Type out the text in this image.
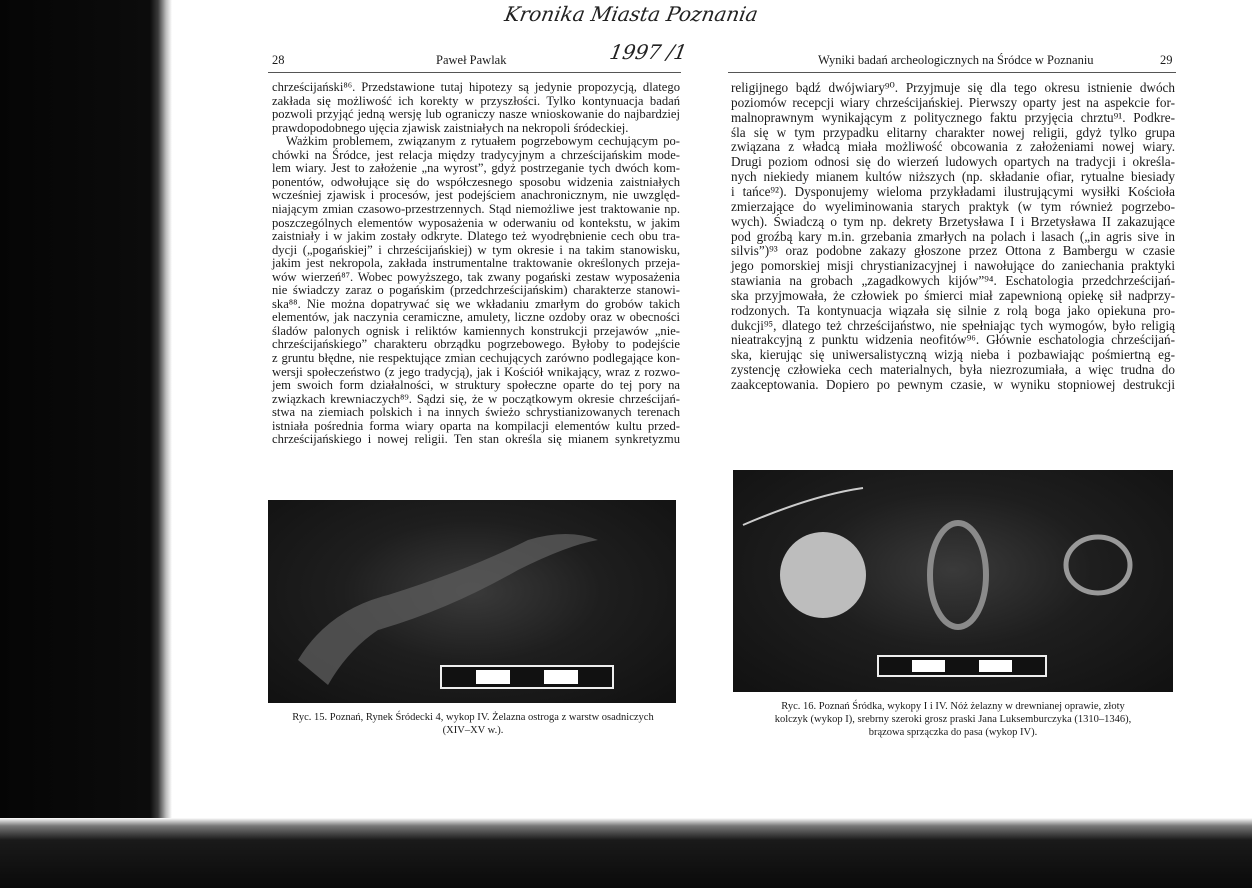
Kronika Miasta Poznania
1997 /1
28	Paweł Pawlak	Wyniki badań archeologicznych na Śródce w Poznaniu	29
chrześcijański⁸⁶. Przedstawione tutaj hipotezy są jedynie propozycją, dlatego
zakłada się możliwość ich korekty w przyszłości. Tylko kontynuacja badań
pozwoli przyjąć jedną wersję lub ograniczy nasze wnioskowanie do najbardziej
prawdopodobnego ujęcia zjawisk zaistniałych na nekropoli śródeckiej.
Ważkim problemem, związanym z rytuałem pogrzebowym cechującym po-
chówki na Śródce, jest relacja między tradycyjnym a chrześcijańskim mode-
lem wiary. Jest to założenie „na wyrost”, gdyż postrzeganie tych dwóch kom-
ponentów, odwołujące się do współczesnego sposobu widzenia zaistniałych
wcześniej zjawisk i procesów, jest podejściem anachronicznym, nie uwzględ-
niającym zmian czasowo-przestrzennych. Stąd niemożliwe jest traktowanie np.
poszczególnych elementów wyposażenia w oderwaniu od kontekstu, w jakim
zaistniały i w jakim zostały odkryte. Dlatego też wyodrębnienie cech obu tra-
dycji („pogańskiej” i chrześcijańskiej) w tym okresie i na takim stanowisku,
jakim jest nekropola, zakłada instrumentalne traktowanie określonych przeja-
wów wierzeń⁸⁷. Wobec powyższego, tak zwany pogański zestaw wyposażenia
nie świadczy zaraz o pogańskim (przedchrześcijańskim) charakterze stanowi-
ska⁸⁸. Nie można dopatrywać się we wkładaniu zmarłym do grobów takich
elementów, jak naczynia ceramiczne, amulety, liczne ozdoby oraz w obecności
śladów palonych ognisk i reliktów kamiennych konstrukcji przejawów „nie-
chrześcijańskiego” charakteru obrządku pogrzebowego. Byłoby to podejście
z gruntu błędne, nie respektujące zmian cechujących zarówno podlegające kon-
wersji społeczeństwo (z jego tradycją), jak i Kościół wnikający, wraz z rozwo-
jem swoich form działalności, w struktury społeczne oparte do tej pory na
związkach krewniaczych⁸⁹. Sądzi się, że w początkowym okresie chrześcijań-
stwa na ziemiach polskich i na innych świeżo schrystianizowanych terenach
istniała pośrednia forma wiary oparta na kompilacji elementów kultu przed-
chrześcijańskiego i nowej religii. Ten stan określa się mianem synkretyzmu
religijnego bądź dwójwiary⁹⁰. Przyjmuje się dla tego okresu istnienie dwóch
poziomów recepcji wiary chrześcijańskiej. Pierwszy oparty jest na aspekcie for-
malnoprawnym wynikającym z politycznego faktu przyjęcia chrztu⁹¹. Podkre-
śla się w tym przypadku elitarny charakter nowej religii, gdyż tylko grupa
związana z władcą miała możliwość obcowania z założeniami nowej wiary.
Drugi poziom odnosi się do wierzeń ludowych opartych na tradycji i określa-
nych niekiedy mianem kultów niższych (np. składanie ofiar, rytualne biesiady
i tańce⁹²). Dysponujemy wieloma przykładami ilustrującymi wysiłki Kościoła
zmierzające do wyeliminowania starych praktyk (w tym również pogrzebo-
wych). Świadczą o tym np. dekrety Brzetysława I i Brzetysława II zakazujące
pod groźbą kary m.in. grzebania zmarłych na polach i lasach („in agris sive in
silvis”)⁹³ oraz podobne zakazy głoszone przez Ottona z Bambergu w czasie
jego pomorskiej misji chrystianizacyjnej i nawołujące do zaniechania praktyki
stawiania na grobach „zagadkowych kijów”⁹⁴. Eschatologia przedchrześcijań-
ska przyjmowała, że człowiek po śmierci miał zapewnioną opiekę sił nadprzy-
rodzonych. Ta kontynuacja wiązała się silnie z rolą boga jako opiekuna pro-
dukcji⁹⁵, dlatego też chrześcijaństwo, nie spełniając tych wymogów, było religią
nieatrakcyjną z punktu widzenia neofitów⁹⁶. Głównie eschatologia chrześcijań-
ska, kierując się uniwersalistyczną wizją nieba i pozbawiając pośmiertną eg-
zystencję człowieka cech materialnych, była niezrozumiała, a więc trudna do
zaakceptowania. Dopiero po pewnym czasie, w wyniku stopniowej destrukcji
Ryc. 15. Poznań, Rynek Śródecki 4, wykop IV. Żelazna ostroga z warstw osadniczych
(XIV–XV w.).
Ryc. 16. Poznań Śródka, wykopy I i IV. Nóż żelazny w drewnianej oprawie, złoty
kolczyk (wykop I), srebrny szeroki grosz praski Jana Luksemburczyka (1310–1346),
brązowa sprzączka do pasa (wykop IV).
